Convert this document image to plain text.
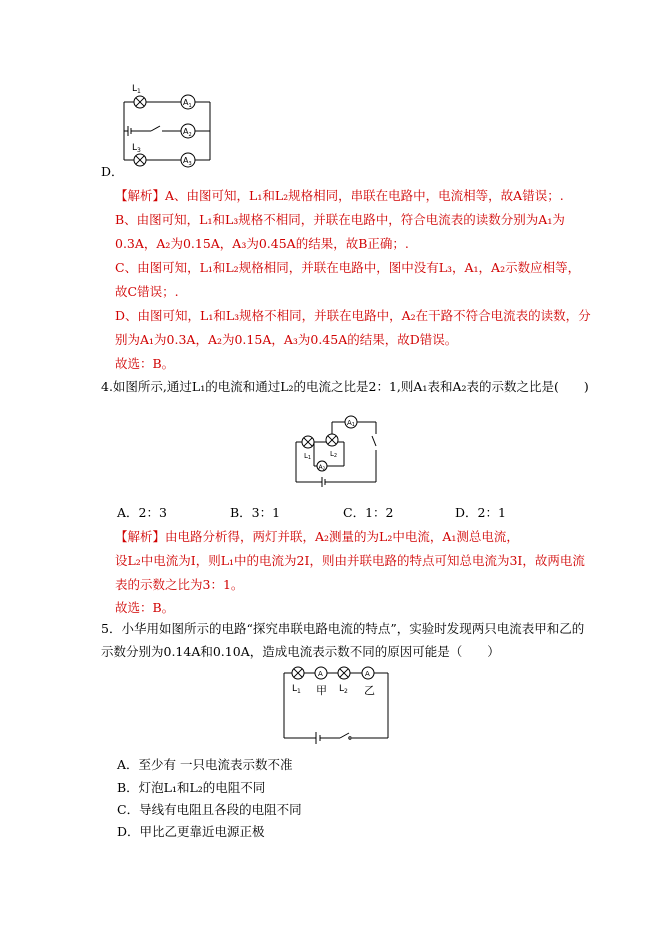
$L_1$
$L_3$
$A_1$
$A_2$
$A_3$
D．
【解析】A、由图可知，L₁和L₂规格相同，串联在电路中，电流相等，故A错误；.
B、由图可知，L₁和L₃规格不相同，并联在电路中，符合电流表的读数分别为A₁为
0.3A，A₂为0.15A，A₃为0.45A的结果，故B正确；.
C、由图可知，L₁和L₂规格相同，并联在电路中，图中没有L₃，A₁，A₂示数应相等，
故C错误；.
D、由图可知，L₁和L₃规格不相同，并联在电路中，A₂在干路不符合电流表的读数，分
别为A₁为0.3A，A₂为0.15A，A₃为0.45A的结果，故D错误。
故选：B。
4.如图所示,通过L₁的电流和通过L₂的电流之比是2：1,则A₁表和A₂表的示数之比是(　　)
A1
A2
L1	L2
A．2：3	B．3：1	C．1：2	D．2：1
【解析】由电路分析得，两灯并联，A₂测量的为L₂中电流，A₁测总电流，
设L₂中电流为I，则L₁中的电流为2I，则由并联电路的特点可知总电流为3I，故两电流
表的示数之比为3：1。
故选：B。
5．小华用如图所示的电路“探究串联电路电流的特点”，实验时发现两只电流表甲和乙的
示数分别为0.14A和0.10A，造成电流表示数不同的原因可能是（　　）
A	A
$L_1$ 甲 $L_2$ 乙
A．至少有 一只电流表示数不准
B．灯泡L₁和L₂的电阻不同
C．导线有电阻且各段的电阻不同
D．甲比乙更靠近电源正极
